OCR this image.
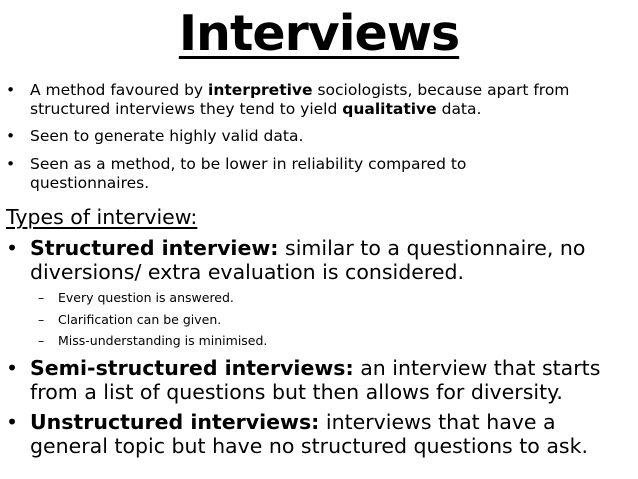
Interviews
• A method favoured by interpretive sociologists, because apart from structured interviews they tend to yield qualitative data.
• Seen to generate highly valid data.
• Seen as a method, to be lower in reliability compared to questionnaires.
Types of interview:
• Structured interview: similar to a questionnaire, no diversions/ extra evaluation is considered.
– Every question is answered.
– Clarification can be given.
– Miss-understanding is minimised.
• Semi-structured interviews: an interview that starts from a list of questions but then allows for diversity.
• Unstructured interviews: interviews that have a general topic but have no structured questions to ask.
